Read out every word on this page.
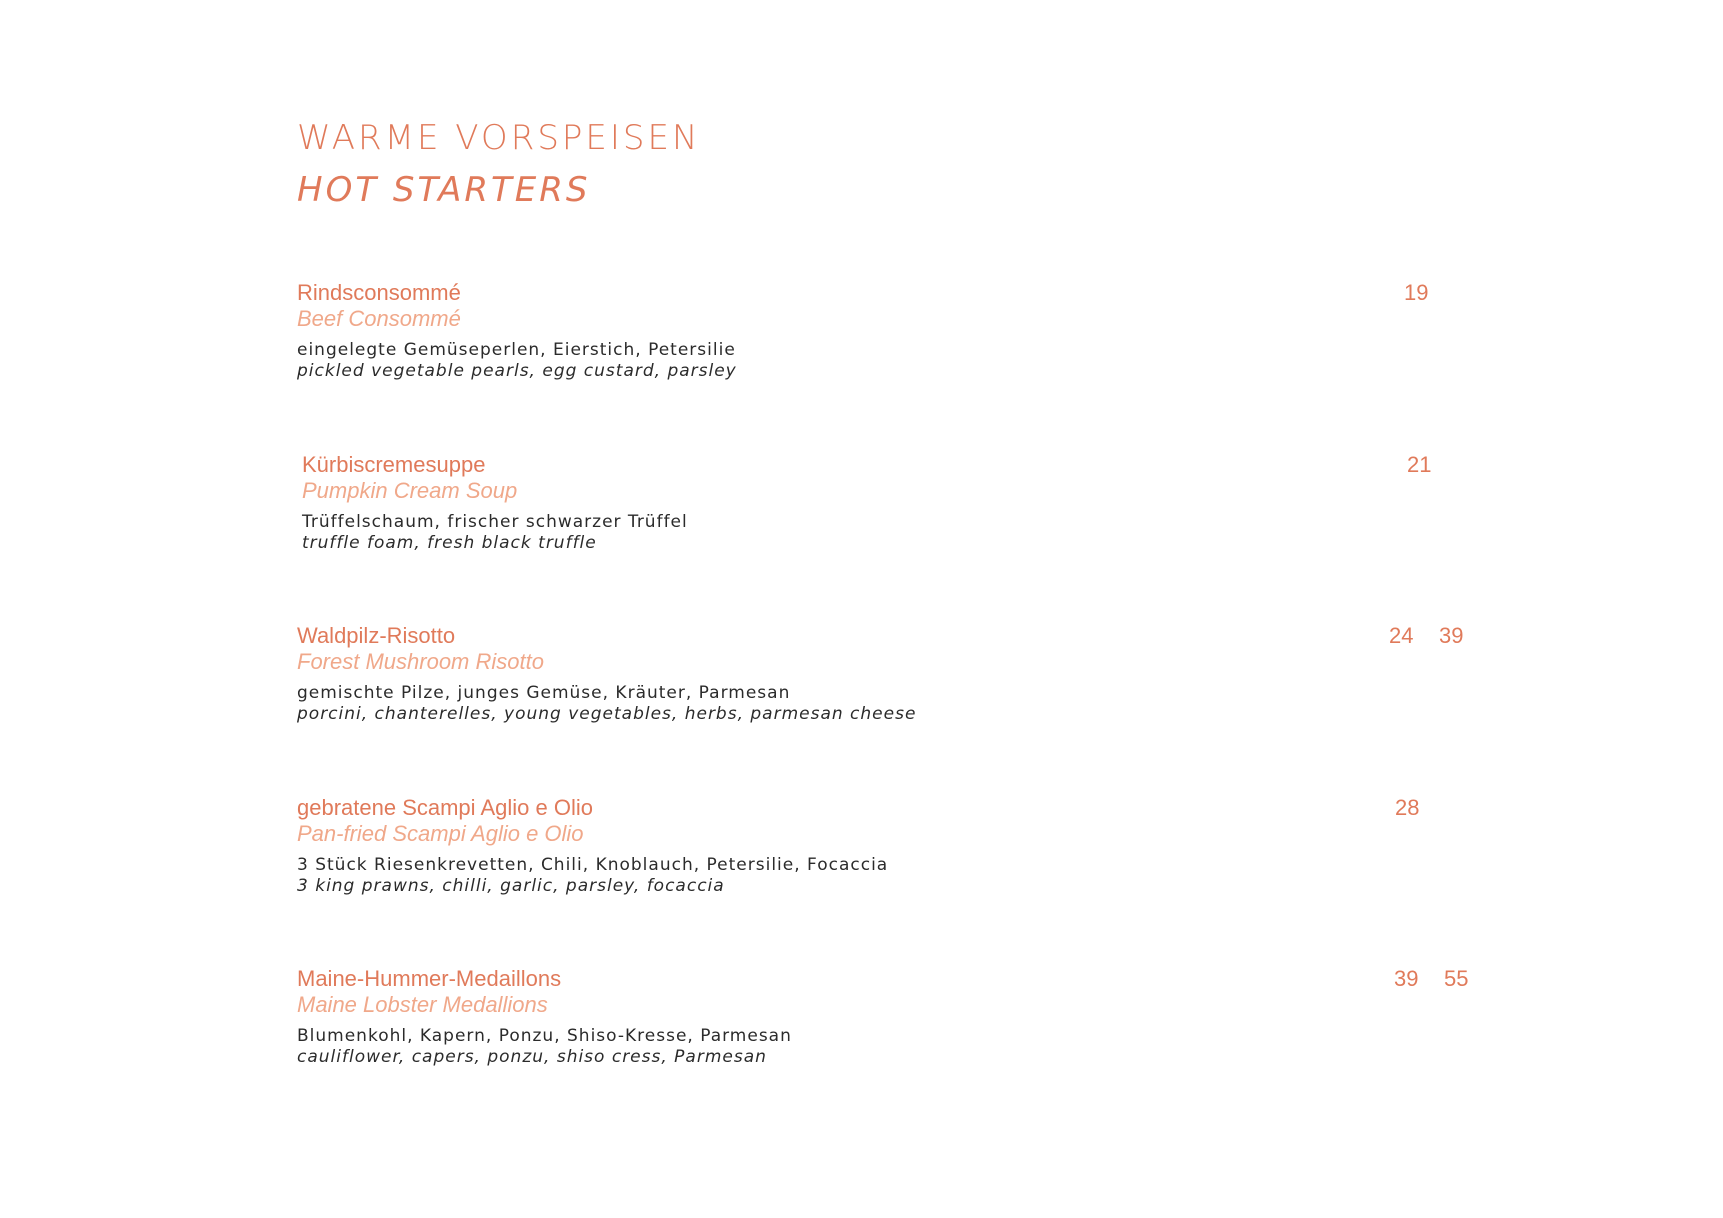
WARME VORSPEISEN
HOT STARTERS
Rindsconsommé
Beef Consommé
eingelegte Gemüseperlen, Eierstich, Petersilie
pickled vegetable pearls, egg custard, parsley
19
Kürbiscremesuppe
Pumpkin Cream Soup
Trüffelschaum, frischer schwarzer Trüffel
truffle foam, fresh black truffle
21
Waldpilz-Risotto
Forest Mushroom Risotto
gemischte Pilze, junges Gemüse, Kräuter, Parmesan
porcini, chanterelles, young vegetables, herbs, parmesan cheese
24 39
gebratene Scampi Aglio e Olio
Pan-fried Scampi Aglio e Olio
3 Stück Riesenkrevetten, Chili, Knoblauch, Petersilie, Focaccia
3 king prawns, chilli, garlic, parsley, focaccia
28
Maine-Hummer-Medaillons
Maine Lobster Medallions
Blumenkohl, Kapern, Ponzu, Shiso-Kresse, Parmesan
cauliflower, capers, ponzu, shiso cress, Parmesan
39 55
